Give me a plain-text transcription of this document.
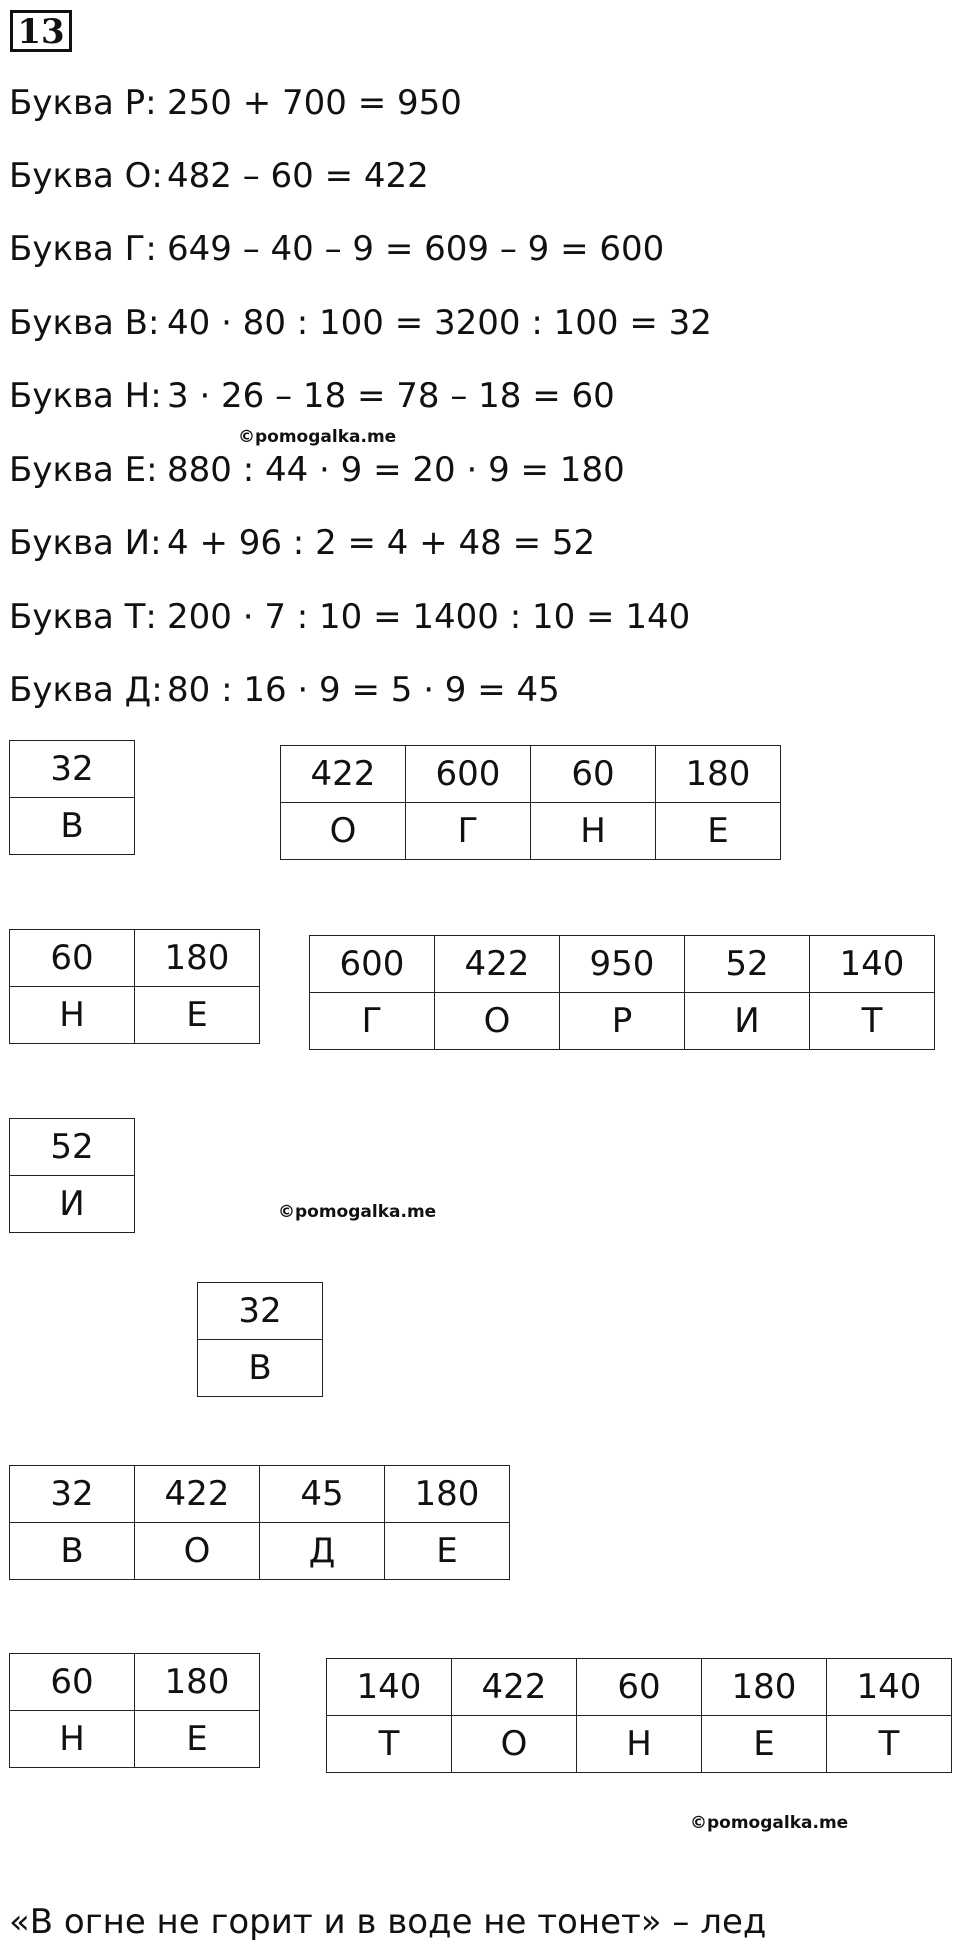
13
Буква Р: 250 + 700 = 950
Буква О: 482 – 60 = 422
Буква Г: 649 – 40 – 9 = 609 – 9 = 600
Буква В: 40 · 80 : 100 = 3200 : 100 = 32
Буква Н: 3 · 26 – 18 = 78 – 18 = 60
Буква Е: 880 : 44 · 9 = 20 · 9 = 180
Буква И: 4 + 96 : 2 = 4 + 48 = 52
Буква Т: 200 · 7 : 10 = 1400 : 10 = 140
Буква Д: 80 : 16 · 9 = 5 · 9 = 45
©pomogalka.me
©pomogalka.me
©pomogalka.me
32
В
422	600	60	180
О	Г	Н	Е
60	180
Н	Е
600	422	950	52	140
Г	О	Р	И	Т
52
И
32
В
32	422	45	180
В	О	Д	Е
60	180
Н	Е
140	422	60	180	140
Т	О	Н	Е	Т
«В огне не горит и в воде не тонет» – лед
